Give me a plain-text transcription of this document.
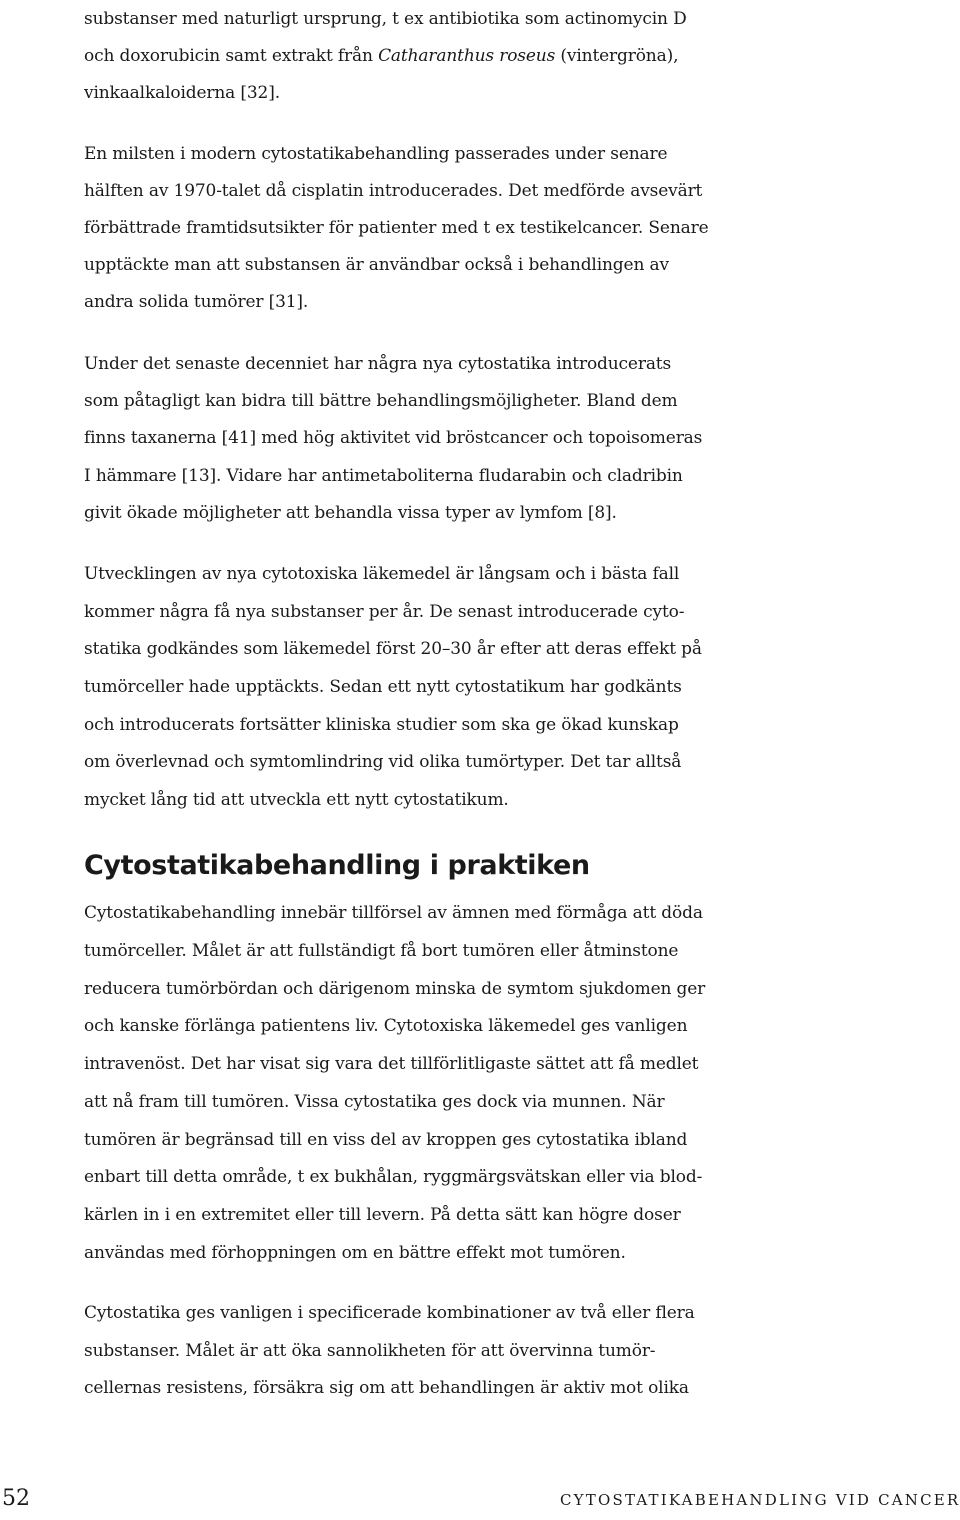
substanser med naturligt ursprung, t ex antibiotika som actinomycin D
och doxorubicin samt extrakt från Catharanthus roseus (vintergröna),
vinkaalkaloiderna [32].
En milsten i modern cytostatikabehandling passerades under senare
hälften av 1970-talet då cisplatin introducerades. Det medförde avsevärt
förbättrade framtidsutsikter för patienter med t ex testikelcancer. Senare
upptäckte man att substansen är användbar också i behandlingen av
andra solida tumörer [31].
Under det senaste decenniet har några nya cytostatika introducerats
som påtagligt kan bidra till bättre behandlingsmöjligheter. Bland dem
finns taxanerna [41] med hög aktivitet vid bröstcancer och topoisomeras
I hämmare [13]. Vidare har antimetaboliterna fludarabin och cladribin
givit ökade möjligheter att behandla vissa typer av lymfom [8].
Utvecklingen av nya cytotoxiska läkemedel är långsam och i bästa fall
kommer några få nya substanser per år. De senast introducerade cyto-
statika godkändes som läkemedel först 20–30 år efter att deras effekt på
tumörceller hade upptäckts. Sedan ett nytt cytostatikum har godkänts
och introducerats fortsätter kliniska studier som ska ge ökad kunskap
om överlevnad och symtomlindring vid olika tumörtyper. Det tar alltså
mycket lång tid att utveckla ett nytt cytostatikum.
Cytostatikabehandling i praktiken
Cytostatikabehandling innebär tillförsel av ämnen med förmåga att döda
tumörceller. Målet är att fullständigt få bort tumören eller åtminstone
reducera tumörbördan och därigenom minska de symtom sjukdomen ger
och kanske förlänga patientens liv. Cytotoxiska läkemedel ges vanligen
intravenöst. Det har visat sig vara det tillförlitligaste sättet att få medlet
att nå fram till tumören. Vissa cytostatika ges dock via munnen. När
tumören är begränsad till en viss del av kroppen ges cytostatika ibland
enbart till detta område, t ex bukhålan, ryggmärgsvätskan eller via blod-
kärlen in i en extremitet eller till levern. På detta sätt kan högre doser
användas med förhoppningen om en bättre effekt mot tumören.
Cytostatika ges vanligen i specificerade kombinationer av två eller flera
substanser. Målet är att öka sannolikheten för att övervinna tumör-
cellernas resistens, försäkra sig om att behandlingen är aktiv mot olika
52	CYTOSTATIKABEHANDLING VID CANCER
